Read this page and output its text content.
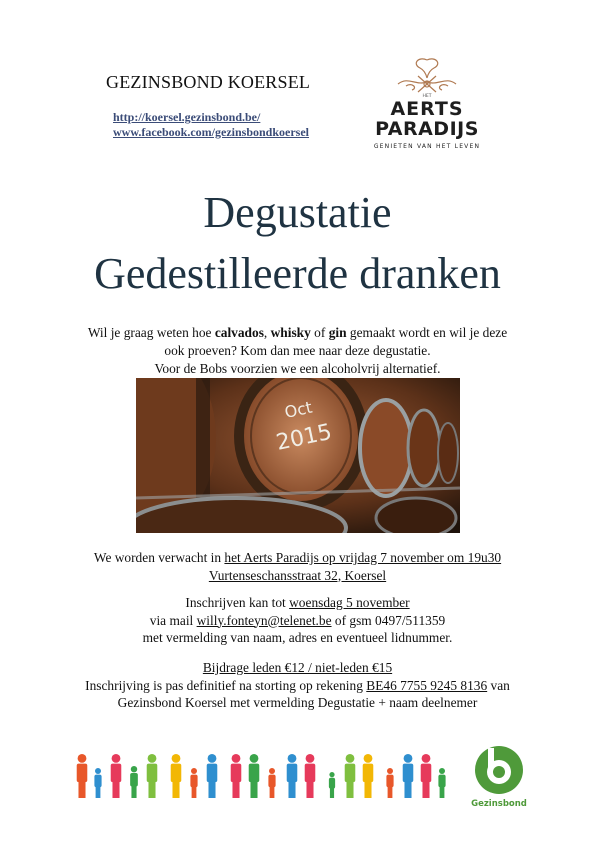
GEZINSBOND KOERSEL
http://koersel.gezinsbond.be/
www.facebook.com/gezinsbondkoersel
HET
AERTS
PARADIJS
GENIETEN VAN HET LEVEN
Degustatie
Gedestilleerde dranken
Wil je graag weten hoe calvados, whisky of gin gemaakt wordt en wil je deze
ook proeven? Kom dan mee naar deze degustatie.
Voor de Bobs voorzien we een alcoholvrij alternatief.
Oct
2015
We worden verwacht in het Aerts Paradijs op vrijdag 7 november om 19u30
Vurtenseschansstraat 32, Koersel
Inschrijven kan tot woensdag 5 november
via mail willy.fonteyn@telenet.be of gsm 0497/511359
met vermelding van naam, adres en eventueel lidnummer.
Bijdrage leden €12 / niet-leden €15
Inschrijving is pas definitief na storting op rekening BE46 7755 9245 8136 van
Gezinsbond Koersel met vermelding Degustatie + naam deelnemer
Gezinsbond
